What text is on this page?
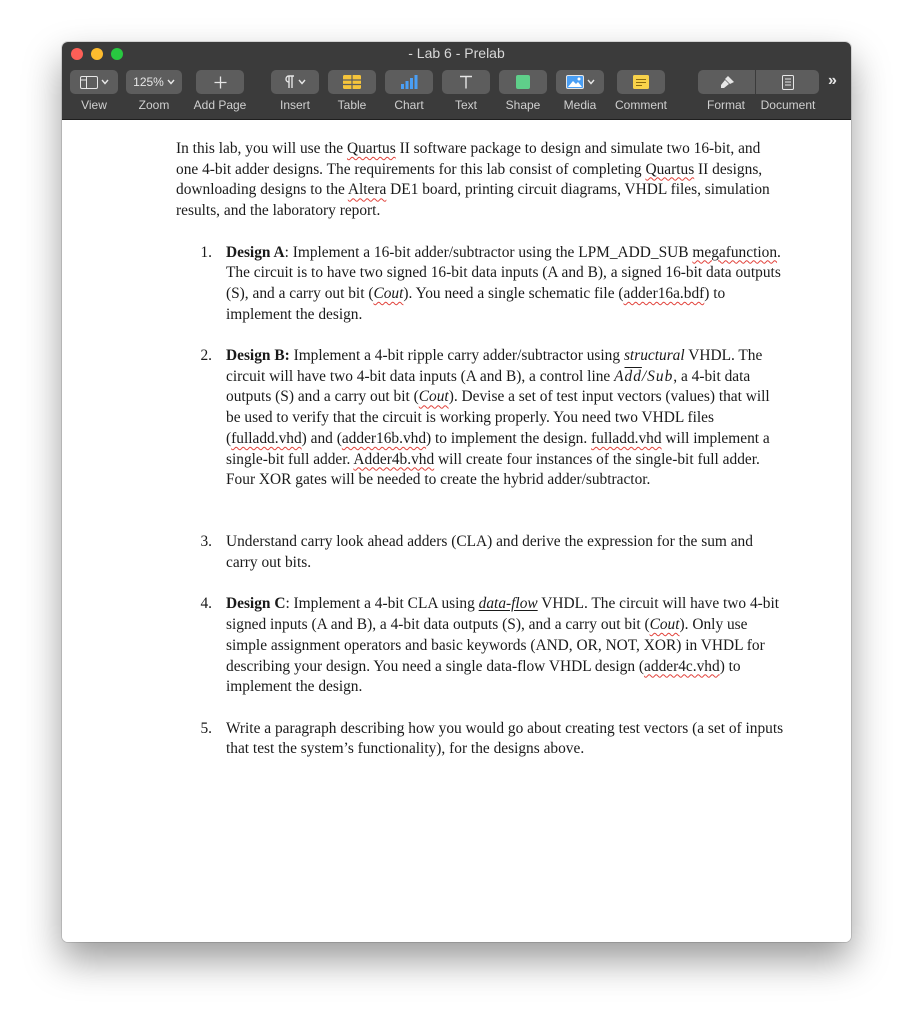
- Lab 6 - Prelab
View
125%
Zoom	Add Page	Insert	Table	Chart	Text	Shape	Media	Comment	Format	Document
»

In this lab, you will use the Quartus II software package to design and simulate two 16-bit, and one 4-bit adder designs. The requirements for this lab consist of completing Quartus II designs, downloading designs to the Altera DE1 board, printing circuit diagrams, VHDL files, simulation results, and the laboratory report.

1. Design A: Implement a 16-bit adder/subtractor using the LPM_ADD_SUB megafunction. The circuit is to have two signed 16-bit data inputs (A and B), a signed 16-bit data outputs (S), and a carry out bit (Cout). You need a single schematic file (adder16a.bdf) to implement the design.
2. Design B: Implement a 4-bit ripple carry adder/subtractor using structural VHDL. The circuit will have two 4-bit data inputs (A and B), a control line $A\overline{dd}$/Sub, a 4-bit data outputs (S) and a carry out bit (Cout). Devise a set of test input vectors (values) that will be used to verify that the circuit is working properly. You need two VHDL files (fulladd.vhd) and (adder16b.vhd) to implement the design. fulladd.vhd will implement a single-bit full adder. Adder4b.vhd will create four instances of the single-bit full adder. Four XOR gates will be needed to create the hybrid adder/subtractor.
3. Understand carry look ahead adders (CLA) and derive the expression for the sum and carry out bits.
4. Design C: Implement a 4-bit CLA using data-flow VHDL. The circuit will have two 4-bit signed inputs (A and B), a 4-bit data outputs (S), and a carry out bit (Cout). Only use simple assignment operators and basic keywords (AND, OR, NOT, XOR) in VHDL for describing your design. You need a single data-flow VHDL design (adder4c.vhd) to implement the design.
5. Write a paragraph describing how you would go about creating test vectors (a set of inputs that test the system’s functionality), for the designs above.
